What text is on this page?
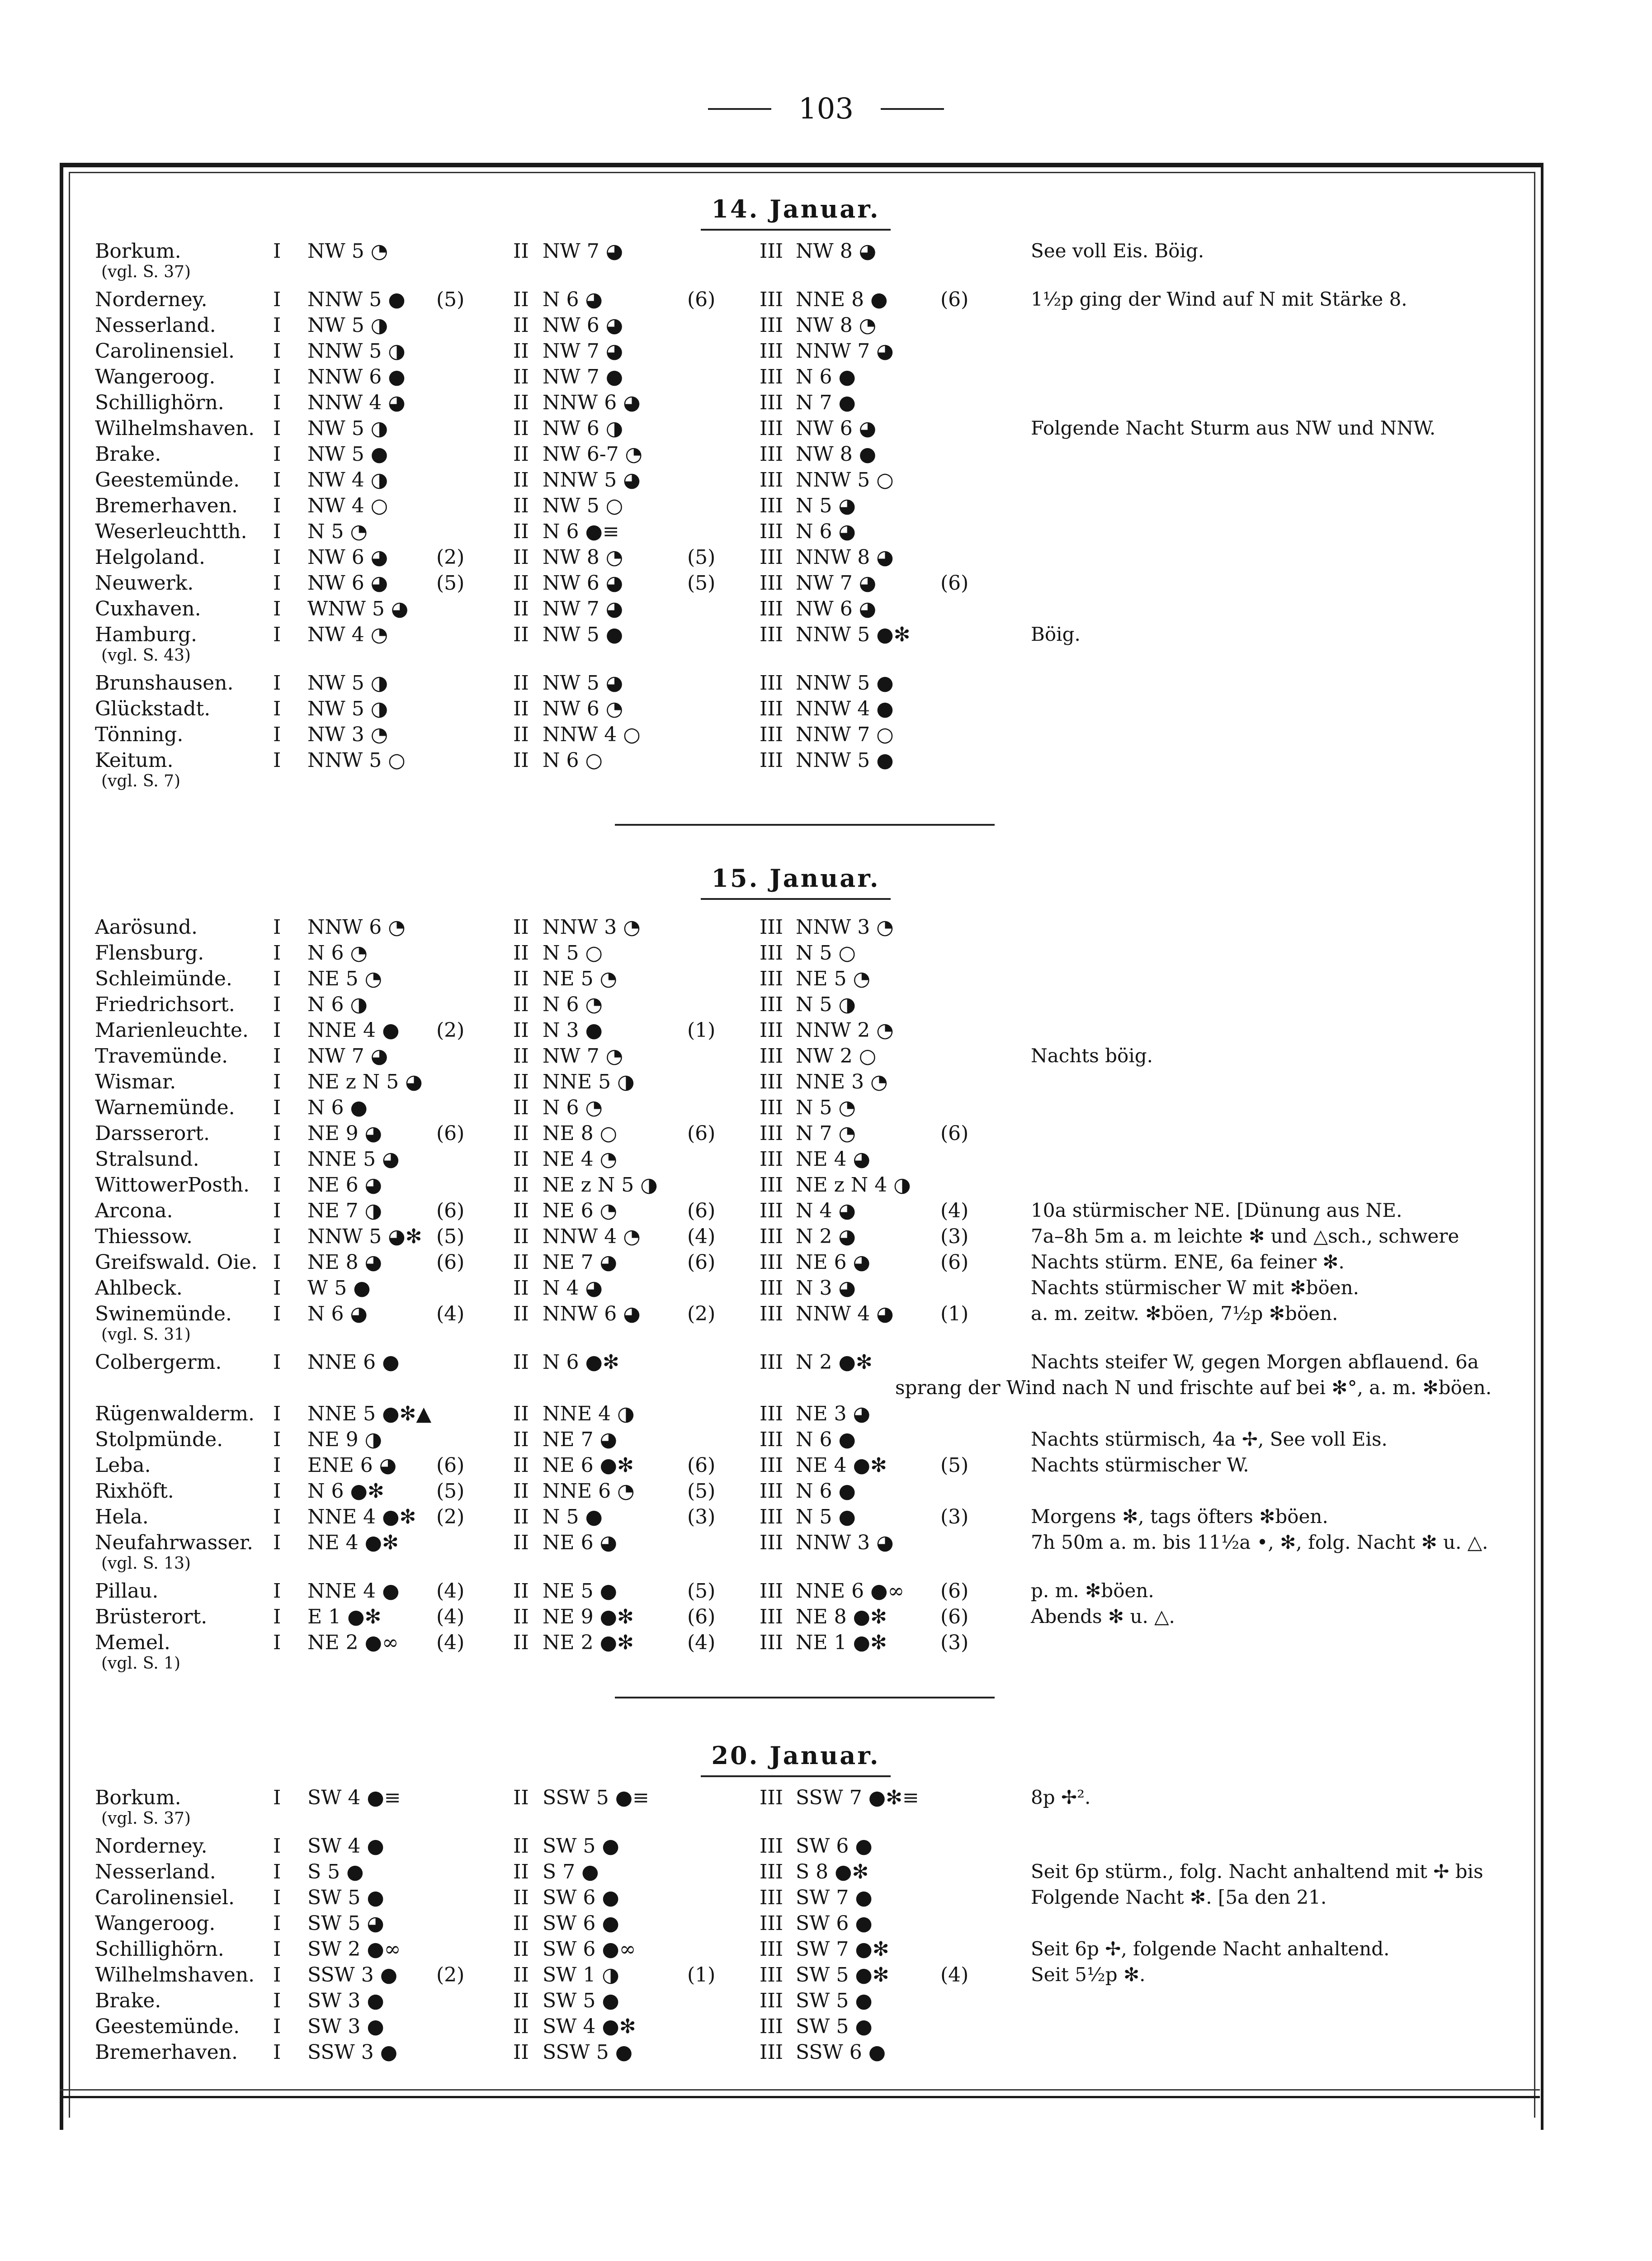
103
14. Januar.
Borkum.	I NW 5 ◔	II NW 7 ◕	III NW 8 ◕	See voll Eis. Böig.
(vgl. S. 37)
Norderney.	I NNW 5 ● (5) II N 6 ◕	(6) III NNE 8 ●	(6)	1½p ging der Wind auf N mit Stärke 8.
Nesserland.	I NW 5 ◑	II NW 6 ◕	III NW 8 ◔
Carolinensiel. I NNW 5 ◑	II NW 7 ◕	III NNW 7 ◕
Wangeroog.	I NNW 6 ●	II NW 7 ●	III N 6 ●
Schillighörn. I NNW 4 ◕	II NNW 6 ◕	III N 7 ●
Wilhelmshaven. I NW 5 ◑	II NW 6 ◑	III NW 6 ◕	Folgende Nacht Sturm aus NW und NNW.
Brake.	I NW 5 ●	II NW 6-7 ◔	III NW 8 ●
Geestemünde. I NW 4 ◑	II NNW 5 ◕	III NNW 5 ○
Bremerhaven. I NW 4 ○	II NW 5 ○	III N 5 ◕
Weserleuchtth. I N 5 ◔	II N 6 ●≡	III N 6 ◕
Helgoland.	I NW 6 ◕ (2) II NW 8 ◔	(5) III NNW 8 ◕
Neuwerk.	I NW 6 ◕ (5) II NW 6 ◕	(5) III NW 7 ◕	(6)
Cuxhaven.	I WNW 5 ◕	II NW 7 ◕	III NW 6 ◕
Hamburg.	I NW 4 ◔	II NW 5 ●	III NNW 5 ●✻	Böig.
(vgl. S. 43)
Brunshausen. I NW 5 ◑	II NW 5 ◕	III NNW 5 ●
Glückstadt.	I NW 5 ◑	II NW 6 ◔	III NNW 4 ●
Tönning.	I NW 3 ◔	II NNW 4 ○	III NNW 7 ○
Keitum.	I NNW 5 ○	II N 6 ○	III NNW 5 ●
(vgl. S. 7)
15. Januar.
Aarösund.	I NNW 6 ◔	II NNW 3 ◔	III NNW 3 ◔
Flensburg.	I N 6 ◔	II N 5 ○	III N 5 ○
Schleimünde. I NE 5 ◔	II NE 5 ◔	III NE 5 ◔
Friedrichsort. I N 6 ◑	II N 6 ◔	III N 5 ◑
Marienleuchte. I NNE 4 ● (2) II N 3 ●	(1) III NNW 2 ◔
Travemünde. I NW 7 ◕	II NW 7 ◔	III NW 2 ○	Nachts böig.
Wismar.	I NE z N 5 ◕	II NNE 5 ◑	III NNE 3 ◔
Warnemünde. I N 6 ●	II N 6 ◔	III N 5 ◔
Darsserort.	I NE 9 ◕	(6) II NE 8 ○	(6) III N 7 ◔	(6)
Stralsund.	I NNE 5 ◕	II NE 4 ◔	III NE 4 ◕
WittowerPosth. I NE 6 ◕	II NE z N 5 ◑	III NE z N 4 ◑
Arcona.	I NE 7 ◑	(6) II NE 6 ◔	(6) III N 4 ◕	(4)	10a stürmischer NE. [Dünung aus NE.
Thiessow.	I NNW 5 ◕✻ (5) II NNW 4 ◔ (4) III N 2 ◕	(3)	7a–8h 5m a. m leichte ✻ und △sch., schwere
Greifswald. Oie. I NE 8 ◕	(6) II NE 7 ◕	(6) III NE 6 ◕	(6)	Nachts stürm. ENE, 6a feiner ✻.
Ahlbeck.	I W 5 ●	II N 4 ◕	III N 3 ◕	Nachts stürmischer W mit ✻böen.
Swinemünde. I N 6 ◕	(4) II NNW 6 ◕ (2) III NNW 4 ◕ (1)	a. m. zeitw. ✻böen, 7½p ✻böen.
(vgl. S. 31)
Colbergerm.	I NNE 6 ●	II N 6 ●✻	III N 2 ●✻	Nachts steifer W, gegen Morgen abflauend. 6a
sprang der Wind nach N und frischte auf bei ✻°, a. m. ✻böen.
Rügenwalderm. I NNE 5 ●✻▲	II NNE 4 ◑	III NE 3 ◕
Stolpmünde.	I NE 9 ◑	II NE 7 ◕	III N 6 ●	Nachts stürmisch, 4a ✢, See voll Eis.
Leba.	I ENE 6 ◕ (6) II NE 6 ●✻	(6) III NE 4 ●✻	(5)	Nachts stürmischer W.
Rixhöft.	I N 6 ●✻	(5) II NNE 6 ◔	(5) III N 6 ●
Hela.	I NNE 4 ●✻ (2) II N 5 ●	(3) III N 5 ●	(3)	Morgens ✻, tags öfters ✻böen.
Neufahrwasser. I NE 4 ●✻	II NE 6 ◕	III NNW 3 ◕	7h 50m a. m. bis 11½a •, ✻, folg. Nacht ✻ u. △.
(vgl. S. 13)
Pillau.	I NNE 4 ● (4) II NE 5 ●	(5) III NNE 6 ●∞ (6)	p. m. ✻böen.
Brüsterort.	I E 1 ●✻	(4) II NE 9 ●✻	(6) III NE 8 ●✻	(6)	Abends ✻ u. △.
Memel.	I NE 2 ●∞ (4) II NE 2 ●✻	(4) III NE 1 ●✻	(3)
(vgl. S. 1)
20. Januar.
Borkum.	I SW 4 ●≡	II SSW 5 ●≡	III SSW 7 ●✻≡	8p ✢².
(vgl. S. 37)
Norderney.	I SW 4 ●	II SW 5 ●	III SW 6 ●
Nesserland.	I S 5 ●	II S 7 ●	III S 8 ●✻	Seit 6p stürm., folg. Nacht anhaltend mit ✢ bis
Carolinensiel. I SW 5 ●	II SW 6 ●	III SW 7 ●	Folgende Nacht ✻. [5a den 21.
Wangeroog.	I SW 5 ◕	II SW 6 ●	III SW 6 ●
Schillighörn. I SW 2 ●∞	II SW 6 ●∞	III SW 7 ●✻	Seit 6p ✢, folgende Nacht anhaltend.
Wilhelmshaven. I SSW 3 ● (2) II SW 1 ◑	(1) III SW 5 ●✻	(4)	Seit 5½p ✻.
Brake.	I SW 3 ●	II SW 5 ●	III SW 5 ●
Geestemünde. I SW 3 ●	II SW 4 ●✻	III SW 5 ●
Bremerhaven. I SSW 3 ●	II SSW 5 ●	III SSW 6 ●
